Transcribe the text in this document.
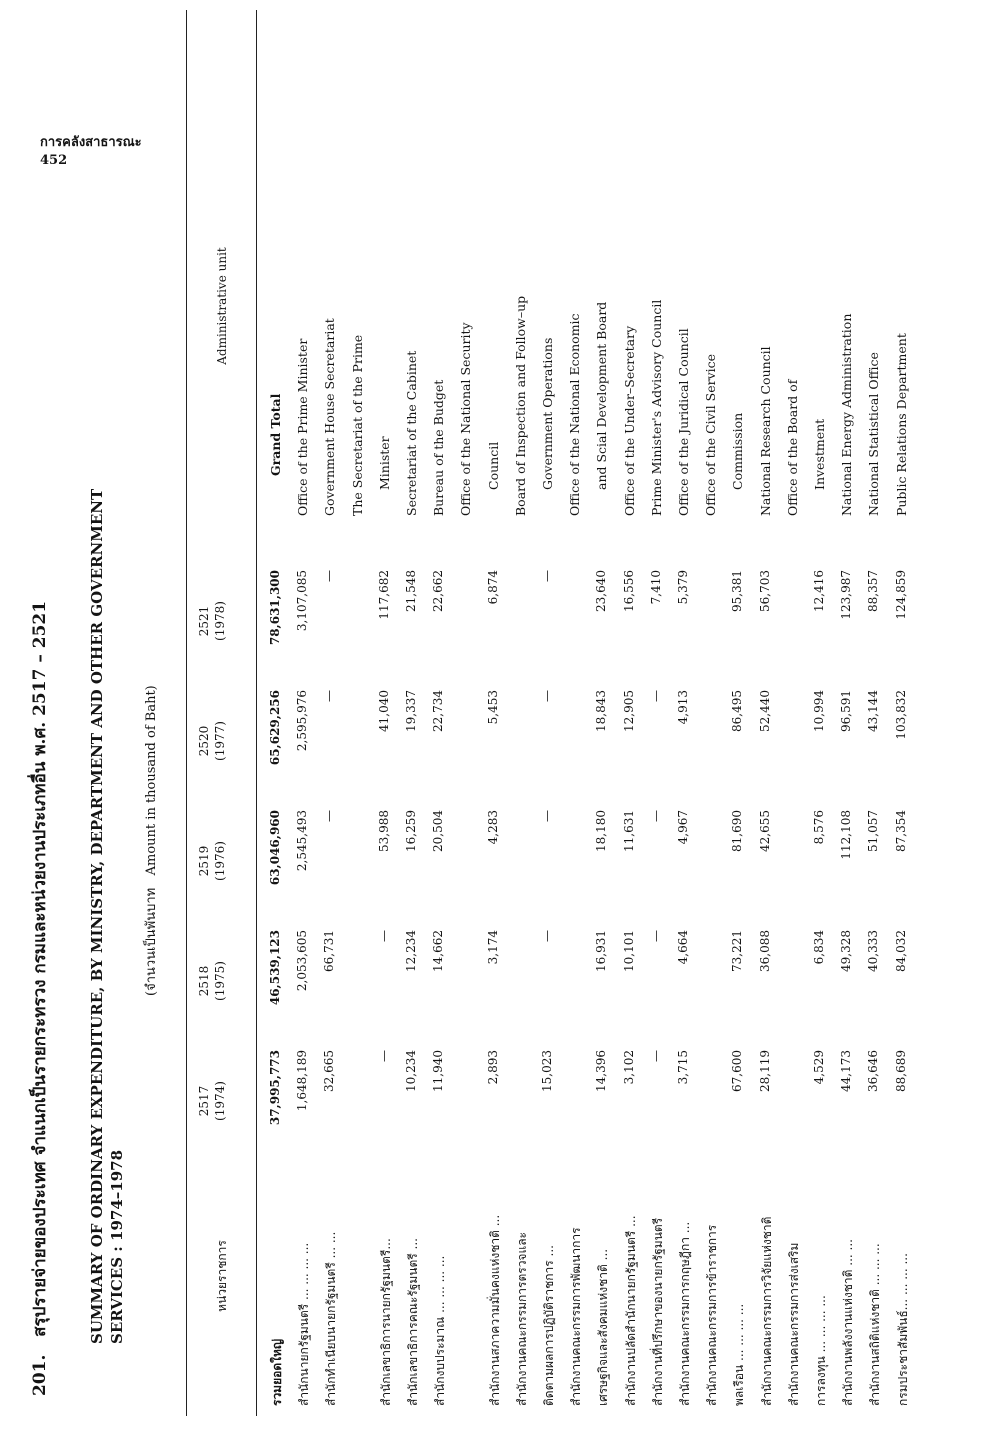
การคลังสาธารณะ
452
201.   สรุปรายจ่ายของประเทศ จำแนกเป็นรายกระทรวง กรมและหน่วยงานประเภทอื่น พ.ศ. 2517 – 2521	SUMMARY OF ORDINARY EXPENDITURE, BY MINISTRY, DEPARTMENT AND OTHER GOVERNMENT SERVICES : 1974–1978
(จำนวนเป็นพันบาท   Amount in thousand of Baht)
หน่วยราชการ
2517 (1974)
2518 (1975)
2519 (1976)
2520 (1977)
2521 (1978)
Administrative unit
รวมยอดใหญ่
37,995,773
46,539,123
63,046,960
65,629,256
78,631,300
Grand Total
สำนักนายกรัฐมนตรี ... ... ... ...
1,648,189
2,053,605
2,545,493
2,595,976
3,107,085
Office of the Prime Minister
สำนักทำเนียบนายกรัฐมนตรี ... ...
32,665
66,731
—
—
—
Government House Secretariat The Secretariat of the Prime
สำนักเลขาธิการนายกรัฐมนตรี...
—
—
53,988
41,040
117,682
Minister
สำนักเลขาธิการคณะรัฐมนตรี ...
10,234
12,234
16,259
19,337
21,548
Secretariat of the Cabinet
สำนักงบประมาณ ... ... ... ...
11,940
14,662
20,504
22,734
22,662
Bureau of the Budget Office of the National Security
สำนักงานสภาความมั่นคงแห่งชาติ ...
2,893
3,174
4,283
5,453
6,874
Council
สำนักงานคณะกรรมการตรวจและ
Board of Inspection and Follow–up
ติดตามผลการปฏิบัติราชการ ...
15,023
—
—
—
—
Government Operations
สำนักงานคณะกรรมการพัฒนาการ
Office of the National Economic
เศรษฐกิจและสังคมแห่งชาติ ...
14,396
16,931
18,180
18,843
23,640
and Scial Development Board
สำนักงานปลัดสำนักนายกรัฐมนตรี ...
3,102
10,101
11,631
12,905
16,556
Office of the Under–Secretary
สำนักงานที่ปรึกษาของนายกรัฐมนตรี
—
—
—
—
7,410
Prime Minister's Advisory Council
สำนักงานคณะกรรมการกฤษฎีกา ...
3,715
4,664
4,967
4,913
5,379
Office of the Juridical Council
สำนักงานคณะกรรมการข้าราชการ
Office of the Civil Service
พลเรือน ... ... ... ...
67,600
73,221
81,690
86,495
95,381
Commission
สำนักงานคณะกรรมการวิจัยแห่งชาติ
28,119
36,088
42,655
52,440
56,703
National Research Council
สำนักงานคณะกรรมการส่งเสริม
Office of the Board of
การลงทุน ... ... ... ...
4,529
6,834
8,576
10,994
12,416
Investment
สำนักงานพลังงานแห่งชาติ ... ...
44,173
49,328
112,108
96,591
123,987
National Energy Administration
สำนักงานสถิติแห่งชาติ ... ... ...
36,646
40,333
51,057
43,144
88,357
National Statistical Office
กรมประชาสัมพันธ์... ... ... ...
88,689
84,032
87,354
103,832
124,859
Public Relations Department
